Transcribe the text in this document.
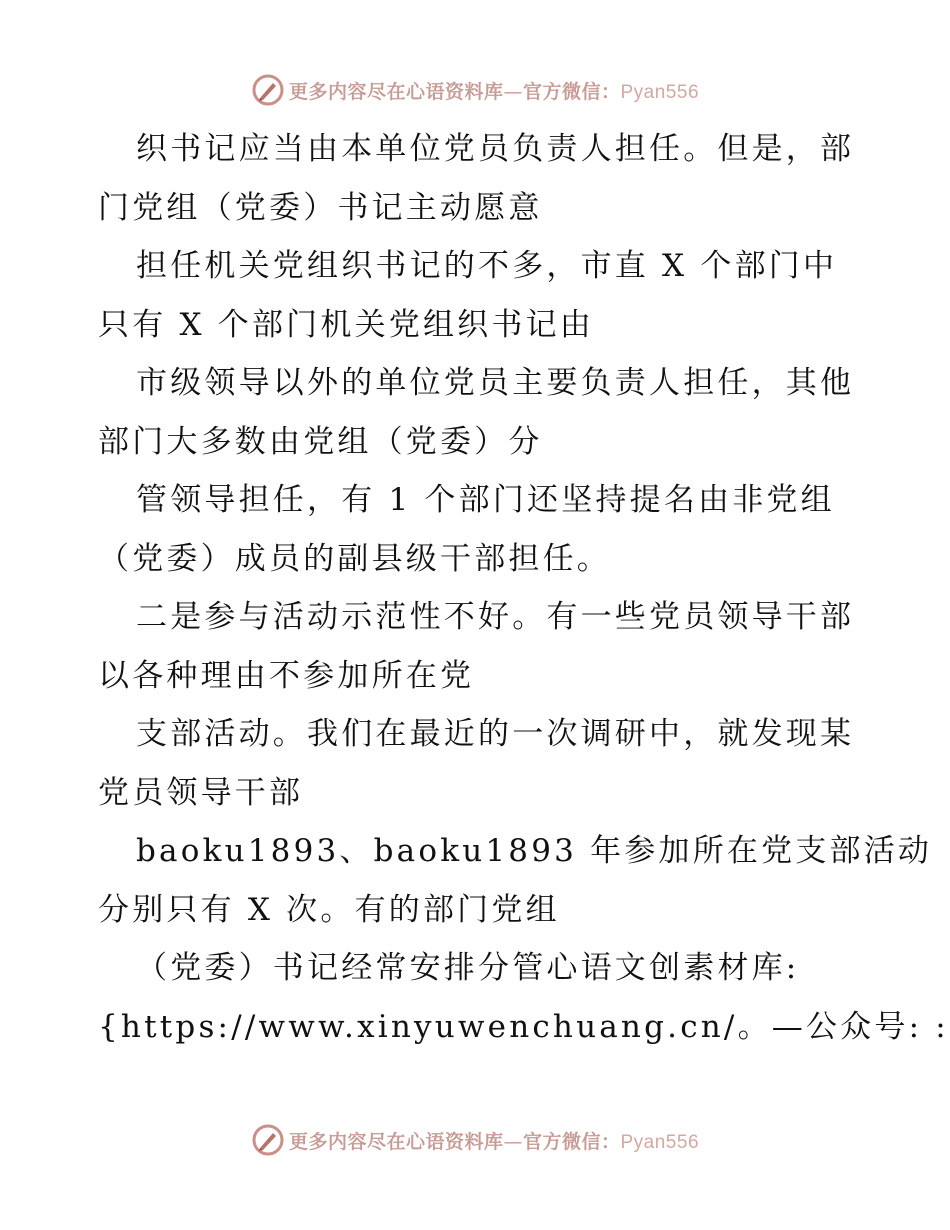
更多内容尽在心语资料库—官方微信：Pyan556

织书记应当由本单位党员负责人担任。但是，部

门党组（党委）书记主动愿意

担任机关党组织书记的不多，市直 X 个部门中

只有 X 个部门机关党组织书记由

市级领导以外的单位党员主要负责人担任，其他

部门大多数由党组（党委）分

管领导担任，有 1 个部门还坚持提名由非党组

（党委）成员的副县级干部担任。

二是参与活动示范性不好。有一些党员领导干部

以各种理由不参加所在党

支部活动。我们在最近的一次调研中，就发现某

党员领导干部

baoku1893、baoku1893 年参加所在党支部活动

分别只有 X 次。有的部门党组

（党委）书记经常安排分管心语文创素材库:

{https://www.xinyuwenchuang.cn/。—公众号: :

更多内容尽在心语资料库—官方微信：Pyan556
